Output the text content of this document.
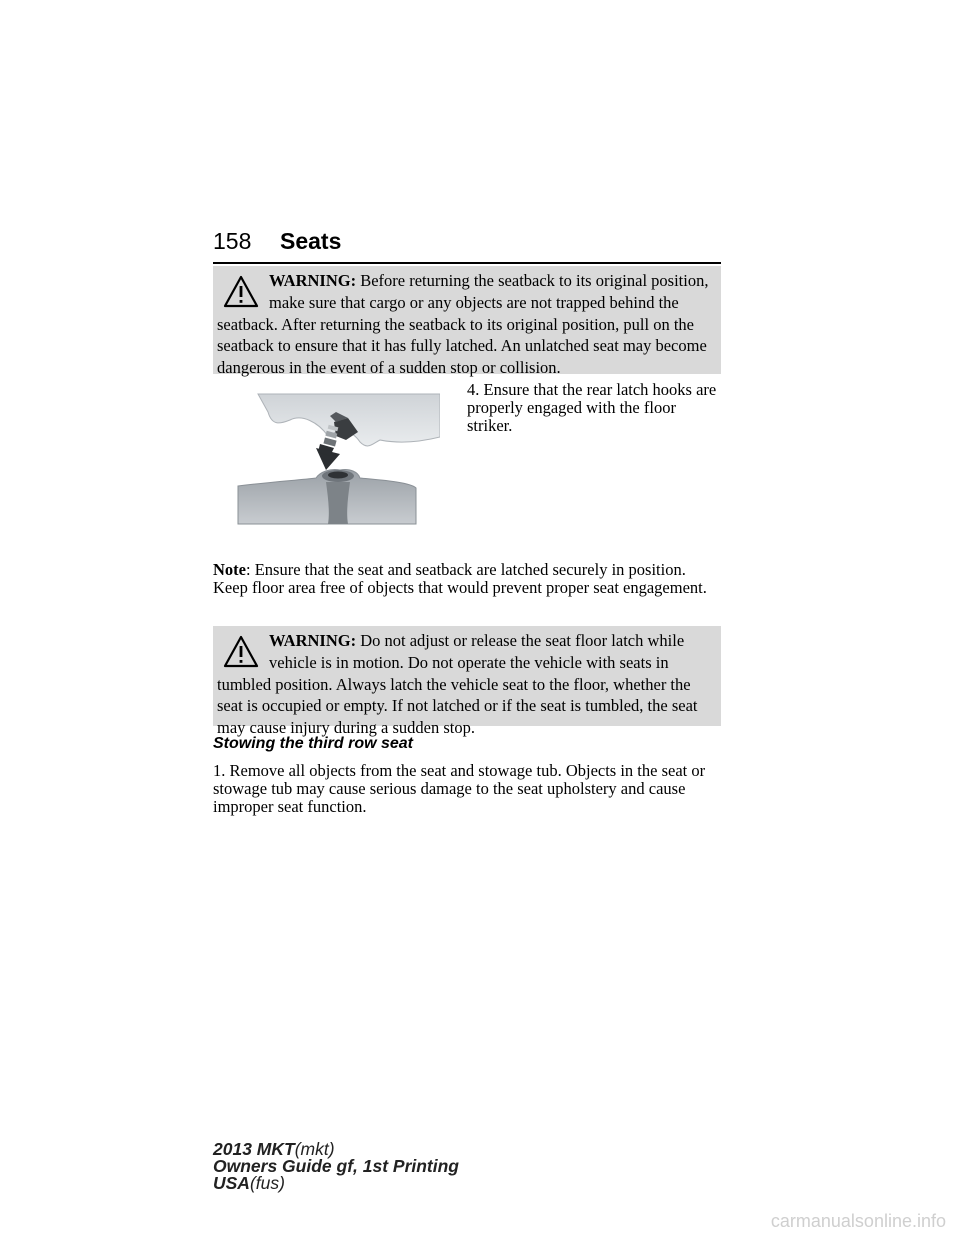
158 Seats
WARNING: Before returning the seatback to its original position, make sure that cargo or any objects are not trapped behind the seatback. After returning the seatback to its original position, pull on the seatback to ensure that it has fully latched. An unlatched seat may become dangerous in the event of a sudden stop or collision.
4. Ensure that the rear latch hooks are properly engaged with the floor striker.
Note: Ensure that the seat and seatback are latched securely in position. Keep floor area free of objects that would prevent proper seat engagement.
WARNING: Do not adjust or release the seat floor latch while vehicle is in motion. Do not operate the vehicle with seats in tumbled position. Always latch the vehicle seat to the floor, whether the seat is occupied or empty. If not latched or if the seat is tumbled, the seat may cause injury during a sudden stop.
Stowing the third row seat
1. Remove all objects from the seat and stowage tub. Objects in the seat or stowage tub may cause serious damage to the seat upholstery and cause improper seat function.
2013 MKT(mkt)
Owners Guide gf, 1st Printing
USA(fus)
carmanualsonline.info
